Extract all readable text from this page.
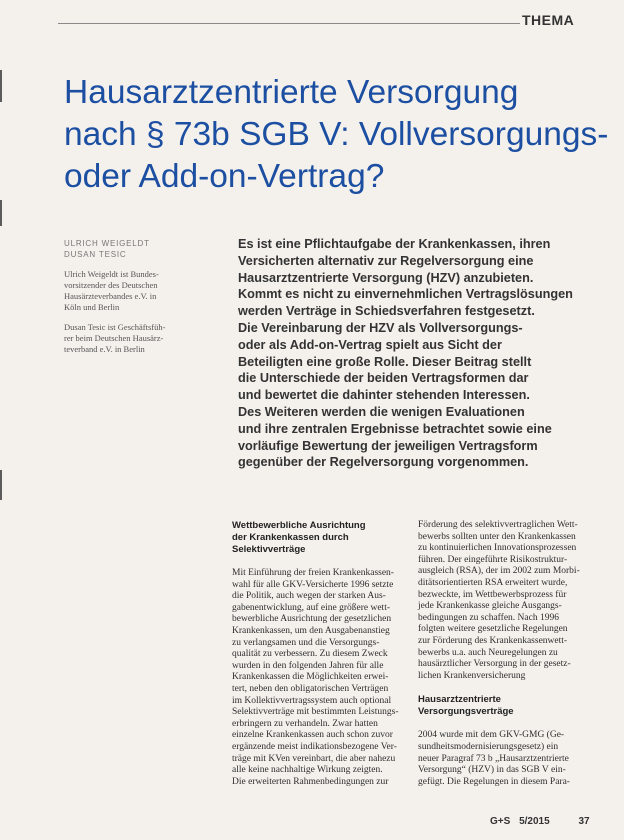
THEMA
Hausarztzentrierte Versorgung
nach § 73b SGB V: Vollversorgungs-
oder Add-on-Vertrag?
ULRICH WEIGELDT
DUSAN TESIC
Ulrich Weigeldt ist Bundes-
vorsitzender des Deutschen
Hausärzteverbandes e.V. in
Köln und Berlin
Dusan Tesic ist Geschäftsfüh-
rer beim Deutschen Hausärz-
teverband e.V. in Berlin
Es ist eine Pflichtaufgabe der Krankenkassen, ihren
Versicherten alternativ zur Regelversorgung eine
Hausarztzentrierte Versorgung (HZV) anzubieten.
Kommt es nicht zu einvernehmlichen Vertragslösungen
werden Verträge in Schiedsverfahren festgesetzt.
Die Vereinbarung der HZV als Vollversorgungs-
oder als Add-on-Vertrag spielt aus Sicht der
Beteiligten eine große Rolle. Dieser Beitrag stellt
die Unterschiede der beiden Vertragsformen dar
und bewertet die dahinter stehenden Interessen.
Des Weiteren werden die wenigen Evaluationen
und ihre zentralen Ergebnisse betrachtet sowie eine
vorläufige Bewertung der jeweiligen Vertragsform
gegenüber der Regelversorgung vorgenommen.
Wettbewerbliche Ausrichtung
der Krankenkassen durch
Selektivverträge
Mit Einführung der freien Krankenkassen-
wahl für alle GKV-Versicherte 1996 setzte
die Politik, auch wegen der starken Aus-
gabenentwicklung, auf eine größere wett-
bewerbliche Ausrichtung der gesetzlichen
Krankenkassen, um den Ausgabenanstieg
zu verlangsamen und die Versorgungs-
qualität zu verbessern. Zu diesem Zweck
wurden in den folgenden Jahren für alle
Krankenkassen die Möglichkeiten erwei-
tert, neben den obligatorischen Verträgen
im Kollektivvertragssystem auch optional
Selektivverträge mit bestimmten Leistungs-
erbringern zu verhandeln. Zwar hatten
einzelne Krankenkassen auch schon zuvor
ergänzende meist indikationsbezogene Ver-
träge mit KVen vereinbart, die aber nahezu
alle keine nachhaltige Wirkung zeigten.
Die erweiterten Rahmenbedingungen zur
Förderung des selektivvertraglichen Wett-
bewerbs sollten unter den Krankenkassen
zu kontinuierlichen Innovationsprozessen
führen. Der eingeführte Risikostruktur-
ausgleich (RSA), der im 2002 zum Morbi-
ditätsorientierten RSA erweitert wurde,
bezweckte, im Wettbewerbsprozess für
jede Krankenkasse gleiche Ausgangs-
bedingungen zu schaffen. Nach 1996
folgten weitere gesetzliche Regelungen
zur Förderung des Krankenkassenwett-
bewerbs u.a. auch Neuregelungen zu
hausärztlicher Versorgung in der gesetz-
lichen Krankenversicherung
Hausarztzentrierte
Versorgungsverträge
2004 wurde mit dem GKV-GMG (Ge-
sundheitsmodernisierungsgesetz) ein
neuer Paragraf 73 b „Hausarztzentrierte
Versorgung“ (HZV) in das SGB V ein-
gefügt. Die Regelungen in diesem Para-
G+S 5/2015	37
